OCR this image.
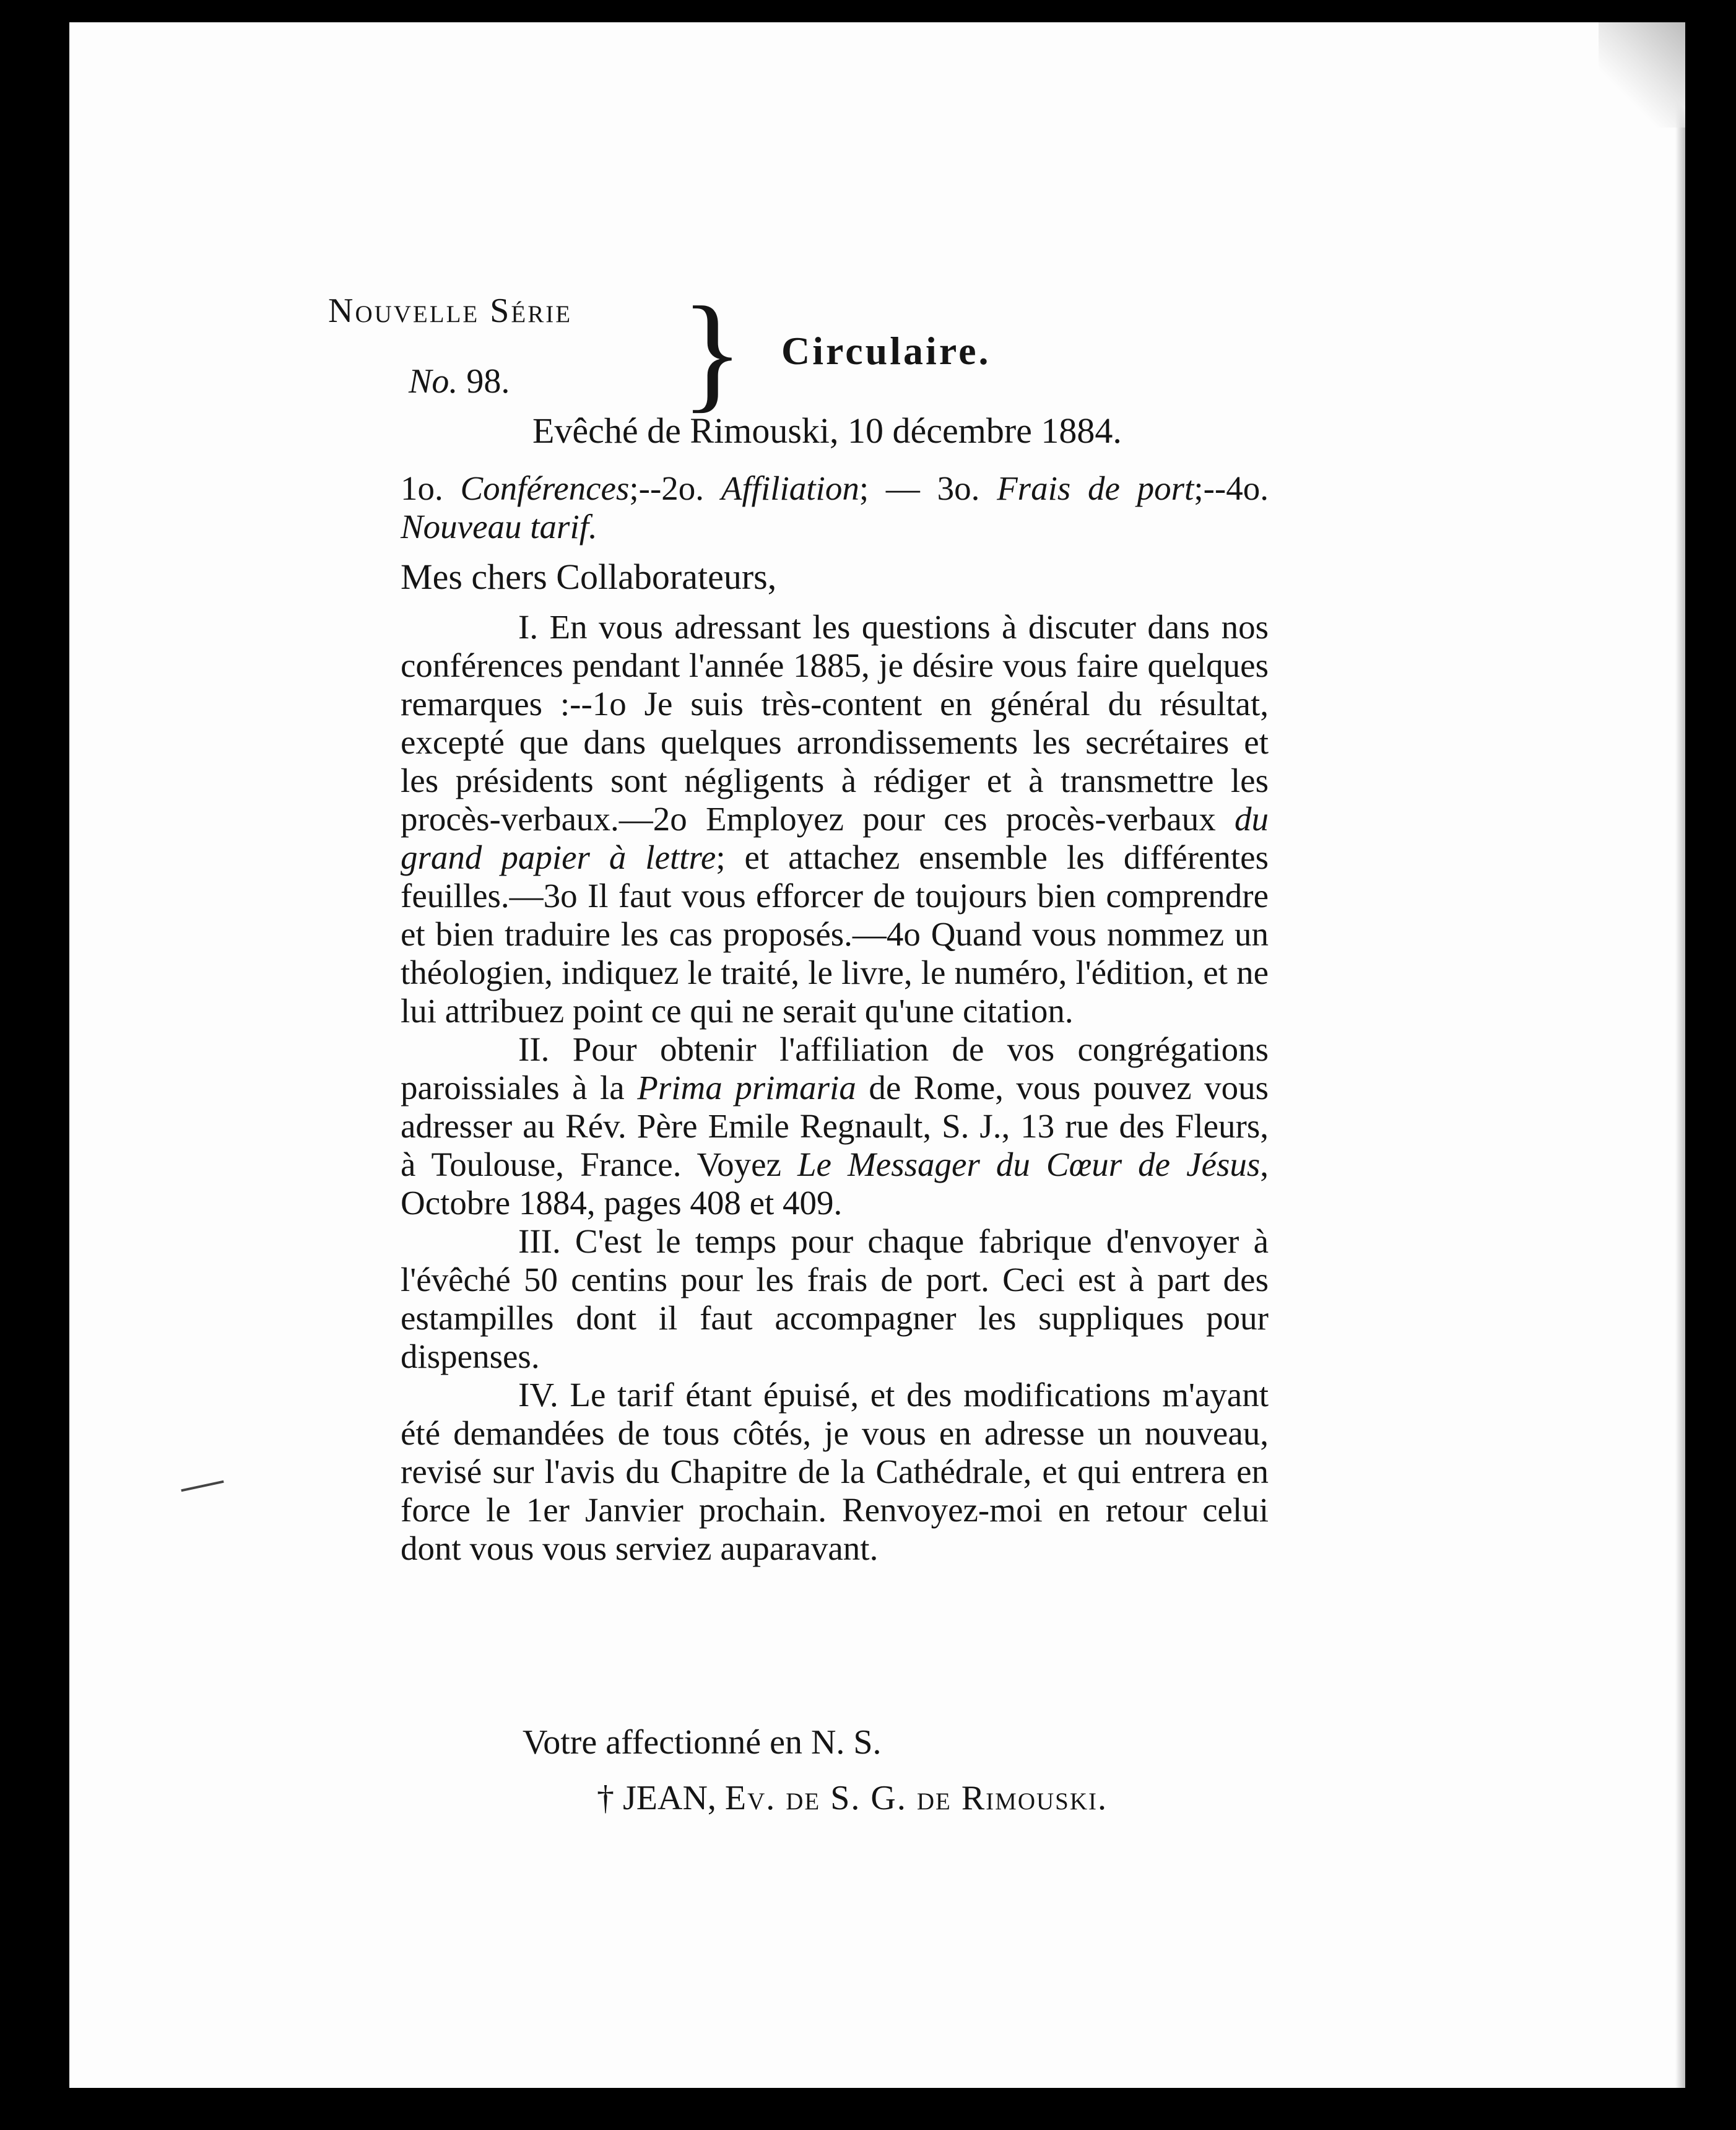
Nouvelle Série
No. 98. } Circulaire.
Evêché de Rimouski, 10 décembre 1884.
1o. Conférences;--2o. Affiliation; — 3o. Frais de port;--4o. Nouveau tarif.
Mes chers Collaborateurs,

I. En vous adressant les questions à discuter dans nos conférences pendant l'année 1885, je désire vous faire quelques remarques :--1o Je suis très-content en général du résultat, excepté que dans quelques arrondissements les secrétaires et les présidents sont négligents à rédiger et à transmettre les procès-verbaux.—2o Employez pour ces procès-verbaux du grand papier à lettre; et attachez ensemble les différentes feuilles.—3o Il faut vous efforcer de toujours bien comprendre et bien traduire les cas proposés.—4o Quand vous nommez un théologien, indiquez le traité, le livre, le numéro, l'édition, et ne lui attribuez point ce qui ne serait qu'une citation.

II. Pour obtenir l'affiliation de vos congrégations paroissiales à la Prima primaria de Rome, vous pouvez vous adresser au Rév. Père Emile Regnault, S. J., 13 rue des Fleurs, à Toulouse, France. Voyez Le Messager du Cœur de Jésus, Octobre 1884, pages 408 et 409.

III. C'est le temps pour chaque fabrique d'envoyer à l'évêché 50 centins pour les frais de port. Ceci est à part des estampilles dont il faut accompagner les suppliques pour dispenses.

IV. Le tarif étant épuisé, et des modifications m'ayant été demandées de tous côtés, je vous en adresse un nouveau, revisé sur l'avis du Chapitre de la Cathédrale, et qui entrera en force le 1er Janvier prochain. Renvoyez-moi en retour celui dont vous vous serviez auparavant.

Votre affectionné en N. S.
† JEAN, Ev. de S. G. de Rimouski.
